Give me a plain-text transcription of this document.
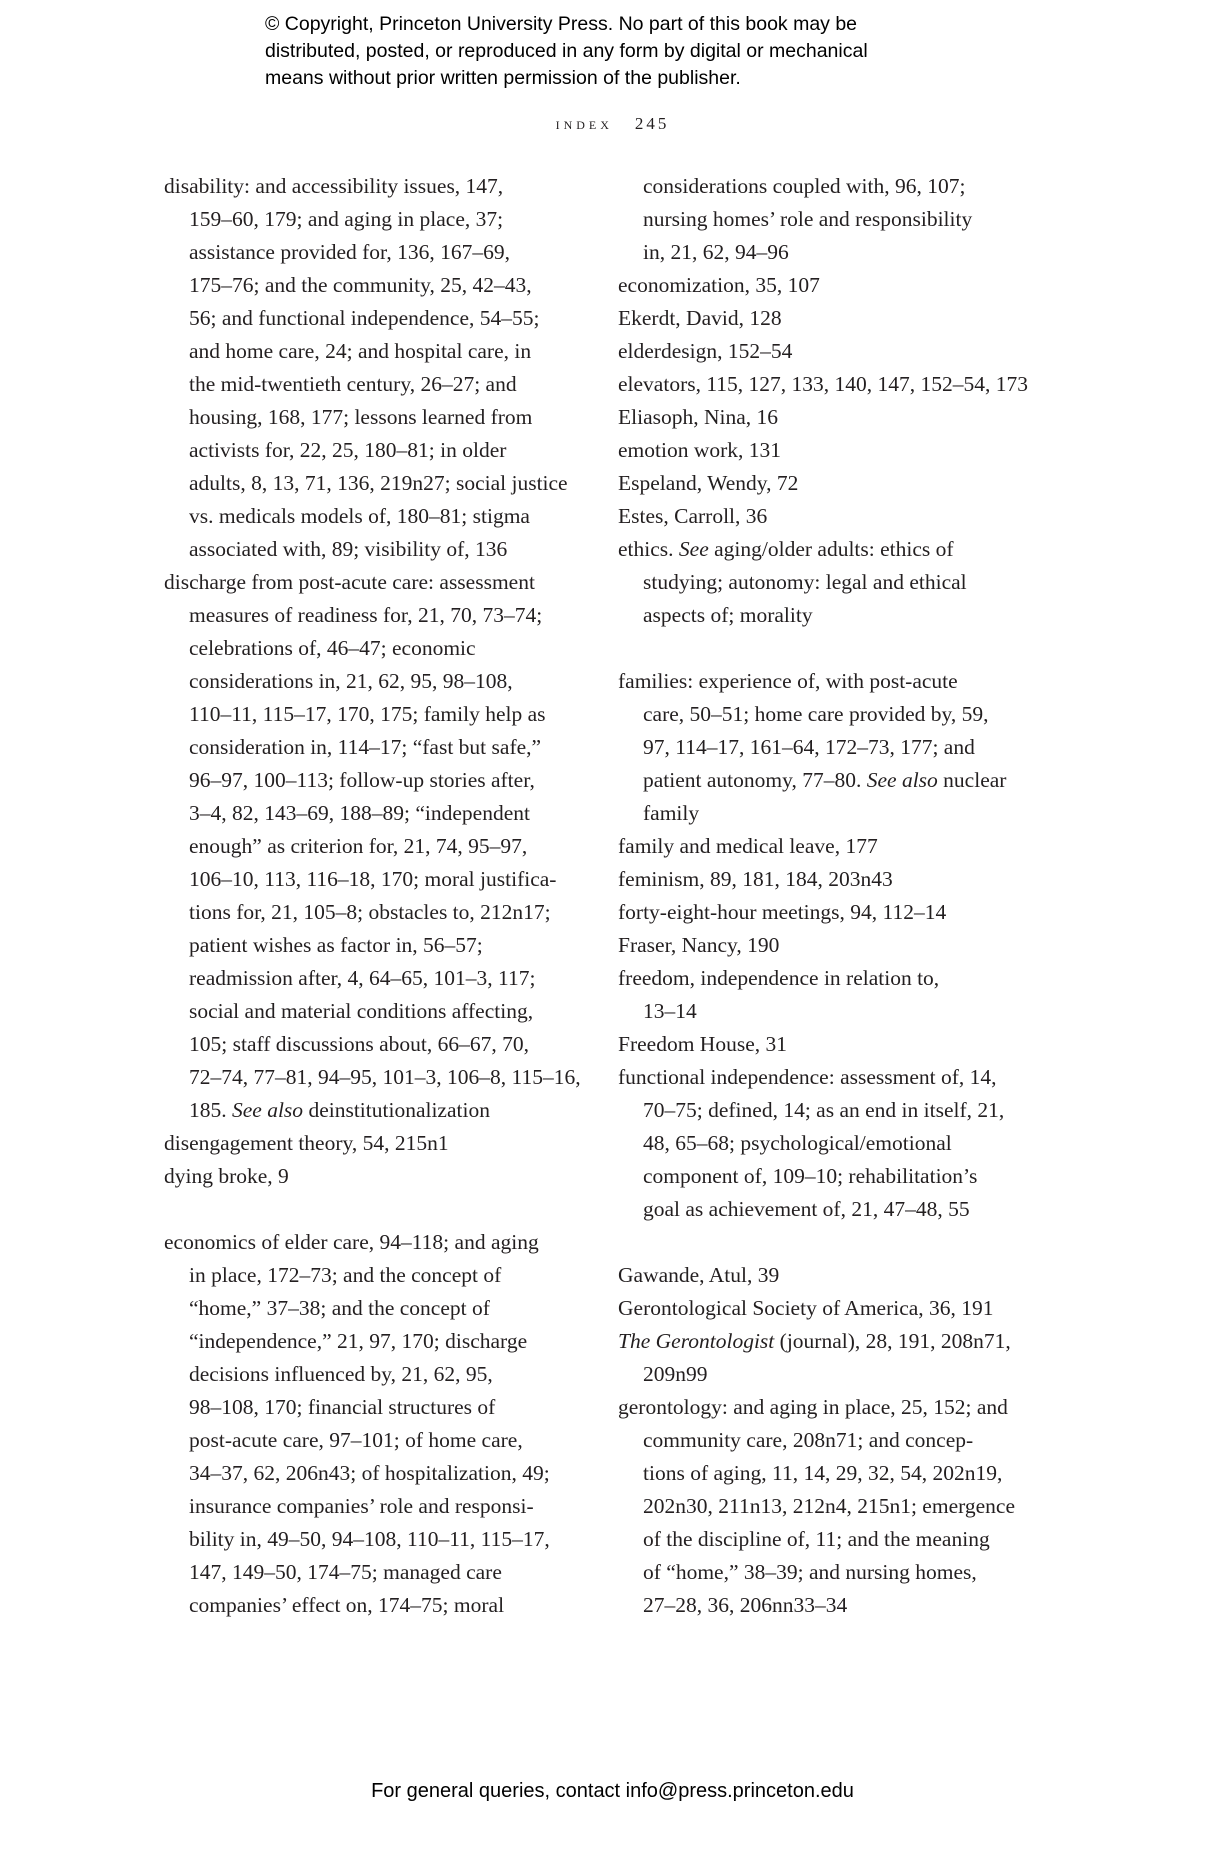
© Copyright, Princeton University Press. No part of this book may be
distributed, posted, or reproduced in any form by digital or mechanical
means without prior written permission of the publisher.
index 245
disability: and accessibility issues, 147,
159–60, 179; and aging in place, 37;
assistance provided for, 136, 167–69,
175–76; and the community, 25, 42–43,
56; and functional independence, 54–55;
and home care, 24; and hospital care, in
the mid-twentieth century, 26–27; and
housing, 168, 177; lessons learned from
activists for, 22, 25, 180–81; in older
adults, 8, 13, 71, 136, 219n27; social justice
vs. medicals models of, 180–81; stigma
associated with, 89; visibility of, 136
discharge from post-acute care: assessment
measures of readiness for, 21, 70, 73–74;
celebrations of, 46–47; economic
considerations in, 21, 62, 95, 98–108,
110–11, 115–17, 170, 175; family help as
consideration in, 114–17; “fast but safe,”
96–97, 100–113; follow-up stories after,
3–4, 82, 143–69, 188–89; “independent
enough” as criterion for, 21, 74, 95–97,
106–10, 113, 116–18, 170; moral justifica-
tions for, 21, 105–8; obstacles to, 212n17;
patient wishes as factor in, 56–57;
readmission after, 4, 64–65, 101–3, 117;
social and material conditions affecting,
105; staff discussions about, 66–67, 70,
72–74, 77–81, 94–95, 101–3, 106–8, 115–16,
185. See also deinstitutionalization
disengagement theory, 54, 215n1
dying broke, 9
economics of elder care, 94–118; and aging
in place, 172–73; and the concept of
“home,” 37–38; and the concept of
“independence,” 21, 97, 170; discharge
decisions influenced by, 21, 62, 95,
98–108, 170; financial structures of
post-acute care, 97–101; of home care,
34–37, 62, 206n43; of hospitalization, 49;
insurance companies’ role and responsi-
bility in, 49–50, 94–108, 110–11, 115–17,
147, 149–50, 174–75; managed care
companies’ effect on, 174–75; moral
considerations coupled with, 96, 107;
nursing homes’ role and responsibility
in, 21, 62, 94–96
economization, 35, 107
Ekerdt, David, 128
elderdesign, 152–54
elevators, 115, 127, 133, 140, 147, 152–54, 173
Eliasoph, Nina, 16
emotion work, 131
Espeland, Wendy, 72
Estes, Carroll, 36
ethics. See aging/older adults: ethics of
studying; autonomy: legal and ethical
aspects of; morality
families: experience of, with post-acute
care, 50–51; home care provided by, 59,
97, 114–17, 161–64, 172–73, 177; and
patient autonomy, 77–80. See also nuclear
family
family and medical leave, 177
feminism, 89, 181, 184, 203n43
forty-eight-hour meetings, 94, 112–14
Fraser, Nancy, 190
freedom, independence in relation to,
13–14
Freedom House, 31
functional independence: assessment of, 14,
70–75; defined, 14; as an end in itself, 21,
48, 65–68; psychological/emotional
component of, 109–10; rehabilitation’s
goal as achievement of, 21, 47–48, 55
Gawande, Atul, 39
Gerontological Society of America, 36, 191
The Gerontologist (journal), 28, 191, 208n71,
209n99
gerontology: and aging in place, 25, 152; and
community care, 208n71; and concep-
tions of aging, 11, 14, 29, 32, 54, 202n19,
202n30, 211n13, 212n4, 215n1; emergence
of the discipline of, 11; and the meaning
of “home,” 38–39; and nursing homes,
27–28, 36, 206nn33–34
For general queries, contact info@press.princeton.edu
